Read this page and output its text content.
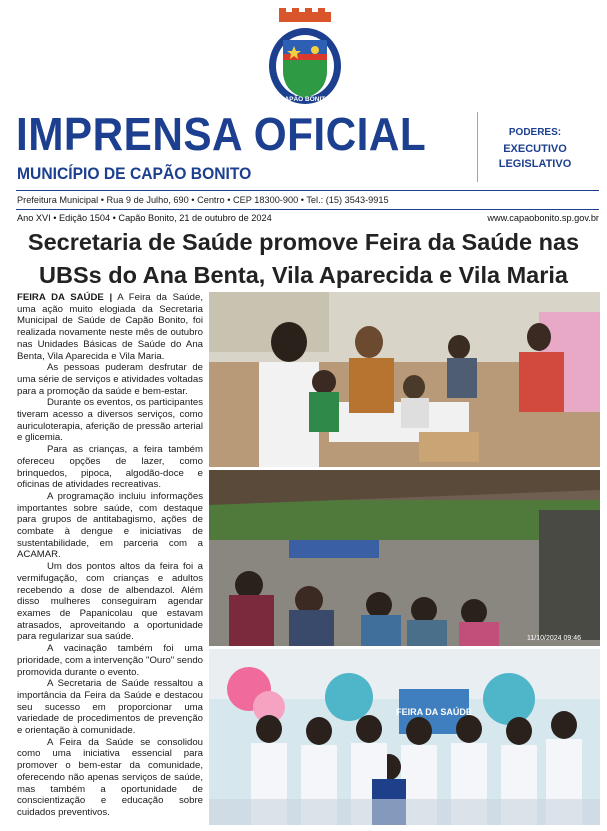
CAPÃO BONITO
IMPRENSA OFICIAL
MUNICÍPIO DE CAPÃO BONITO
PODERES:
EXECUTIVO
LEGISLATIVO
Prefeitura Municipal • Rua 9 de Julho, 690 • Centro • CEP 18300-900 • Tel.: (15) 3543-9915
Ano XVI • Edição 1504 • Capão Bonito, 21 de outubro de 2024	www.capaobonito.sp.gov.br
Secretaria de Saúde promove Feira da Saúde nas UBSs do Ana Benta, Vila Aparecida e Vila Maria

FEIRA DA SAÚDE | A Feira da Saúde, uma ação muito elogiada da Secretaria Municipal de Saúde de Capão Bonito, foi realizada novamente neste mês de outubro nas Unidades Básicas de Saúde do Ana Benta, Vila Aparecida e Vila Maria.

As pessoas puderam desfrutar de uma série de serviços e atividades voltadas para a promoção da saúde e bem-estar.

Durante os eventos, os participantes tiveram acesso a diversos serviços, como auriculoterapia, aferição de pressão arterial e glicemia.

Para as crianças, a feira também ofereceu opções de lazer, como brinquedos, pipoca, algodão-doce e oficinas de atividades recreativas.

A programação incluiu informações importantes sobre saúde, com destaque para grupos de antitabagismo, ações de combate à dengue e iniciativas de sustentabilidade, em parceria com a ACAMAR.

Um dos pontos altos da feira foi a vermifugação, com crianças e adultos recebendo a dose de albendazol. Além disso mulheres conseguiram agendar exames de Papanicolau que estavam atrasados, aproveitando a oportunidade para regularizar sua saúde.

A vacinação também foi uma prioridade, com a intervenção "Ouro" sendo promovida durante o evento.

A Secretaria de Saúde ressaltou a importância da Feira da Saúde e destacou seu sucesso em proporcionar uma variedade de procedimentos de prevenção e orientação à comunidade.

A Feira da Saúde se consolidou como uma iniciativa essencial para promover o bem-estar da comunidade, oferecendo não apenas serviços de saúde, mas também a oportunidade de conscientização e educação sobre cuidados preventivos.

11/10/2024 09:46
FEIRA DA SAÚDE
